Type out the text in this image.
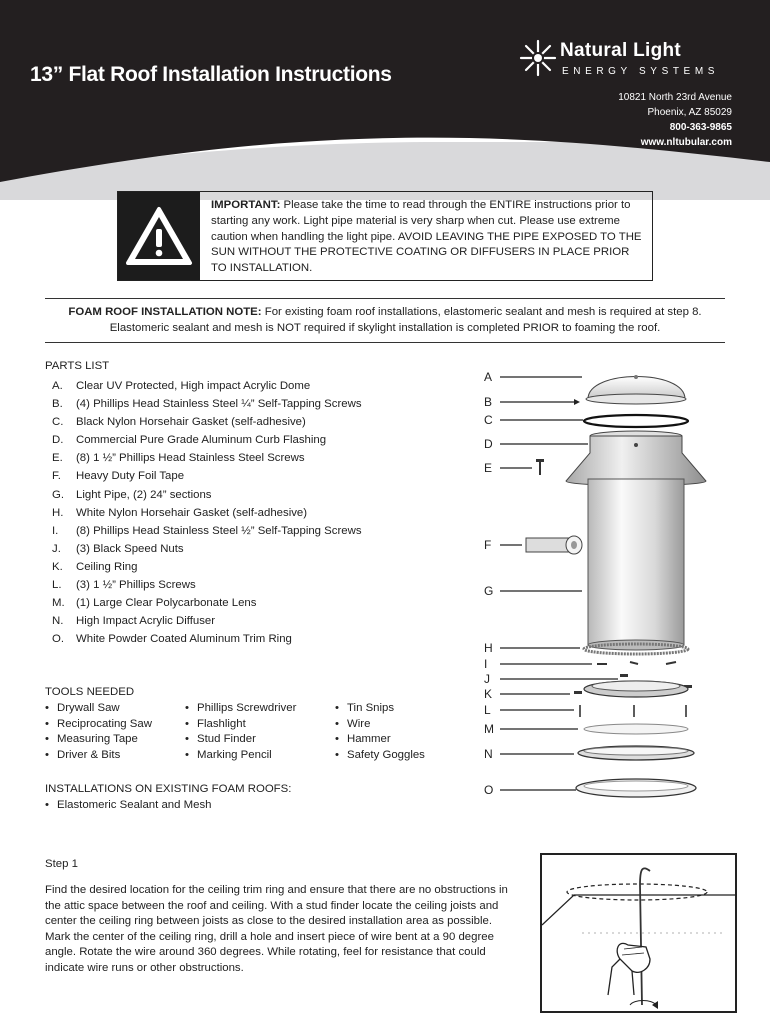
13” Flat Roof Installation Instructions
Natural Light
ENERGY SYSTEMS
10821 North 23rd Avenue
Phoenix, AZ 85029
800-363-9865
www.nltubular.com
IMPORTANT: Please take the time to read through the ENTIRE instructions prior to starting any work. Light pipe material is very sharp when cut. Please use extreme caution when handling the light pipe. AVOID LEAVING THE PIPE EXPOSED TO THE SUN WITHOUT THE PROTECTIVE COATING OR DIFFUSERS IN PLACE PRIOR TO INSTALLATION.
FOAM ROOF INSTALLATION NOTE: For existing foam roof installations, elastomeric sealant and mesh is required at step 8. Elastomeric sealant and mesh is NOT required if skylight installation is completed PRIOR to foaming the roof.
PARTS LIST
A. Clear UV Protected, High impact Acrylic Dome
B. (4) Phillips Head Stainless Steel ¼” Self-Tapping Screws
C. Black Nylon Horsehair Gasket (self-adhesive)
D. Commercial Pure Grade Aluminum Curb Flashing
E. (8) 1 ½” Phillips Head Stainless Steel Screws
F. Heavy Duty Foil Tape
G. Light Pipe, (2) 24” sections
H. White Nylon Horsehair Gasket (self-adhesive)
I. (8) Phillips Head Stainless Steel ½” Self-Tapping Screws
J. (3) Black Speed Nuts
K. Ceiling Ring
L. (3) 1 ½” Phillips Screws
M. (1) Large Clear Polycarbonate Lens
N. High Impact Acrylic Diffuser
O. White Powder Coated Aluminum Trim Ring
TOOLS NEEDED
• Drywall Saw
• Reciprocating Saw
• Measuring Tape
• Driver & Bits
• Phillips Screwdriver
• Flashlight
• Stud Finder
• Marking Pencil
• Tin Snips
• Wire
• Hammer
• Safety Goggles
INSTALLATIONS ON EXISTING FOAM ROOFS:
• Elastomeric Sealant and Mesh
A
B
C
D
E
F
G
H
I
J
K
L
M
N
O
Step 1
Find the desired location for the ceiling trim ring and ensure that there are no obstructions in the attic space between the roof and ceiling. With a stud finder locate the ceiling joists and center the ceiling ring between joists as close to the desired installation area as possible. Mark the center of the ceiling ring, drill a hole and insert piece of wire bent at a 90 degree angle. Rotate the wire around 360 degrees. While rotating, feel for resistance that could indicate wire runs or other obstructions.
